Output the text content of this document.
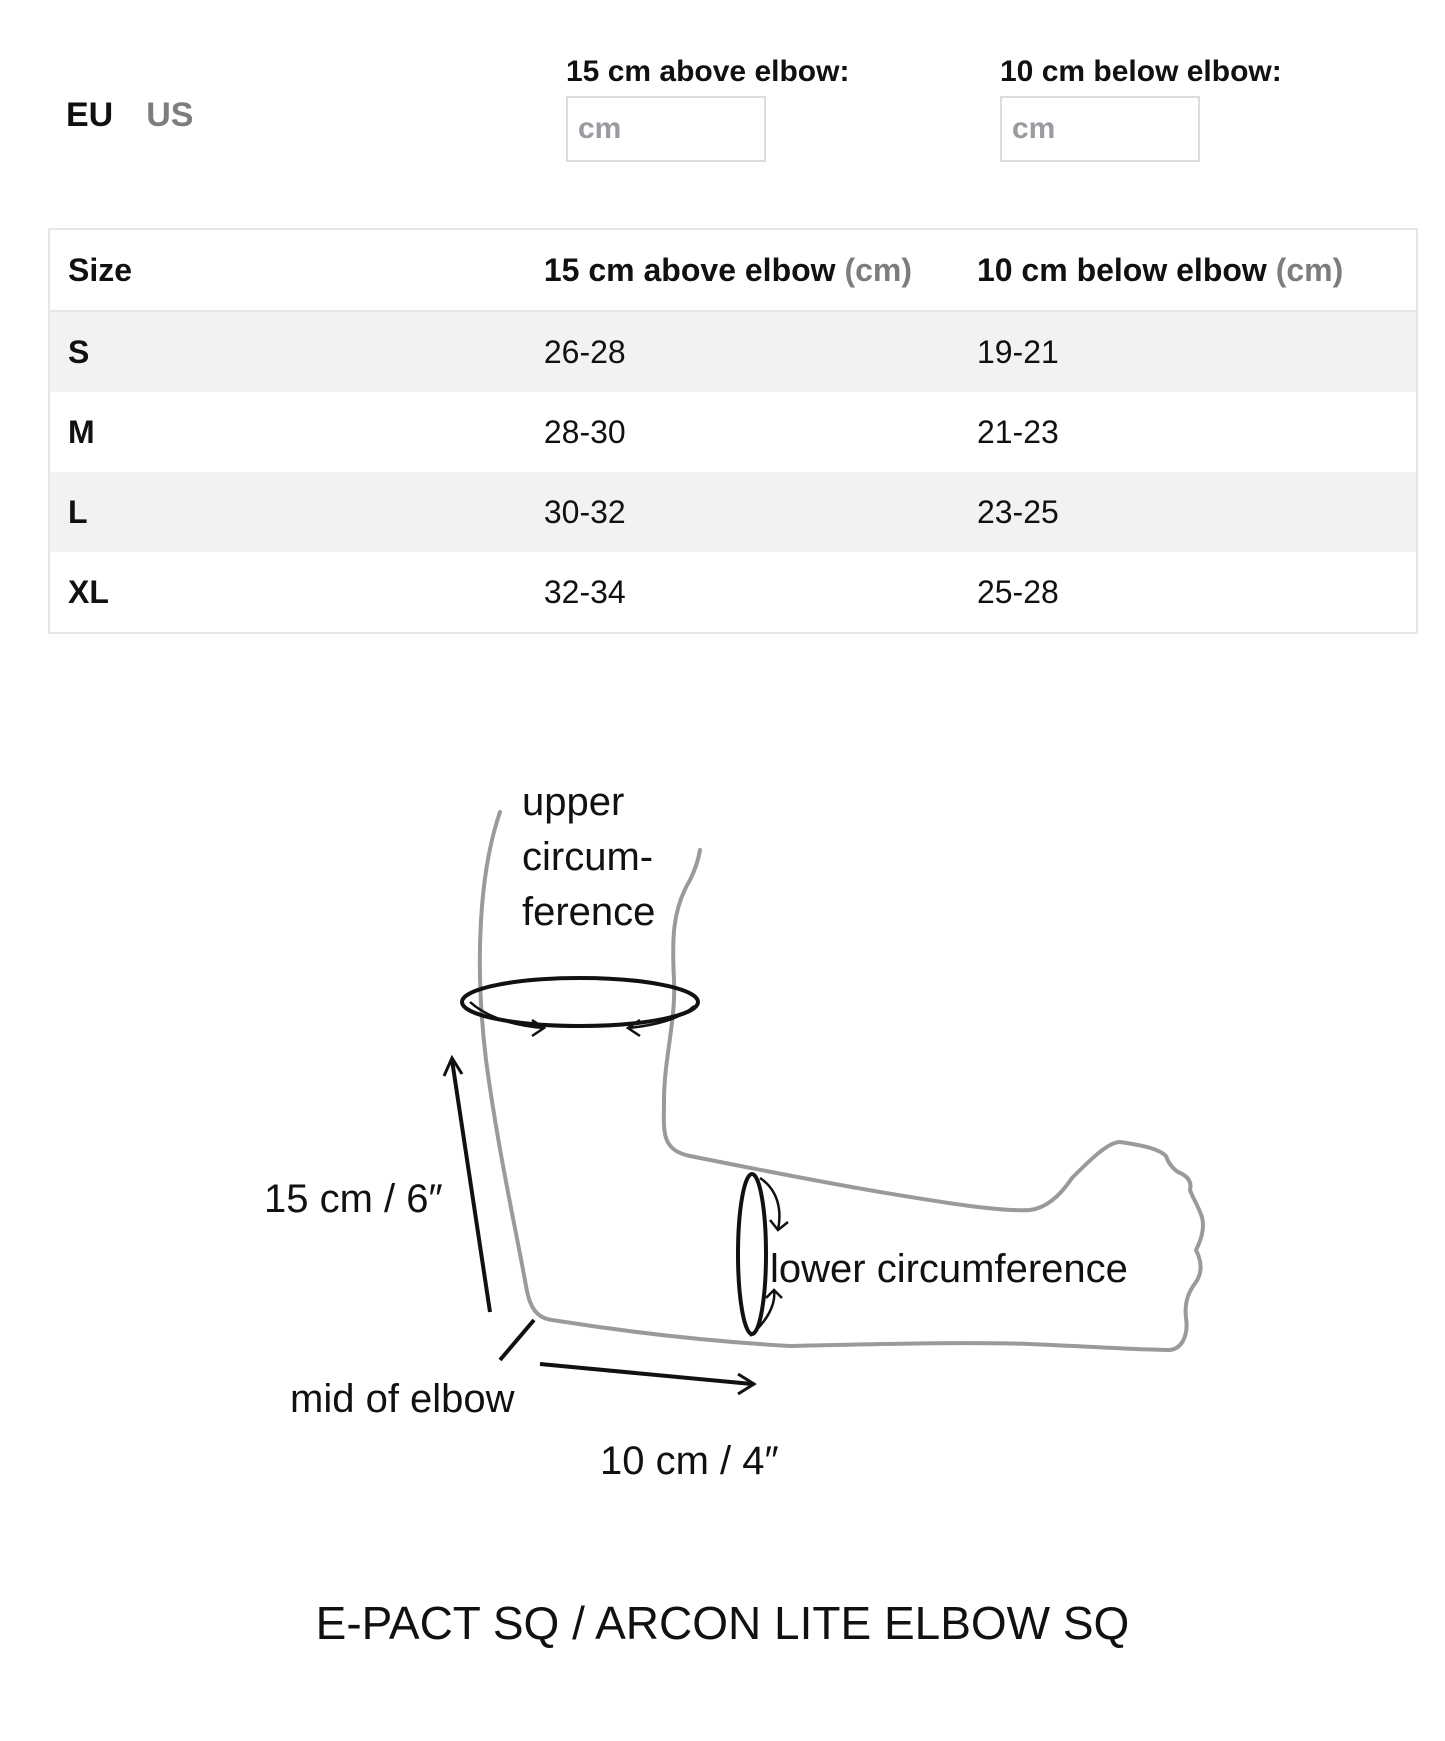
EU US
15 cm above elbow:
cm	10 cm below elbow:
cm
Size	15 cm above elbow (cm)	10 cm below elbow (cm)
S	26-28	19-21
M	28-30	21-23
L	30-32	23-25
XL	32-34	25-28
upper
circum-
ference
15 cm / 6″
lower circumference
mid of elbow
10 cm / 4″
E-PACT SQ / ARCON LITE ELBOW SQ
